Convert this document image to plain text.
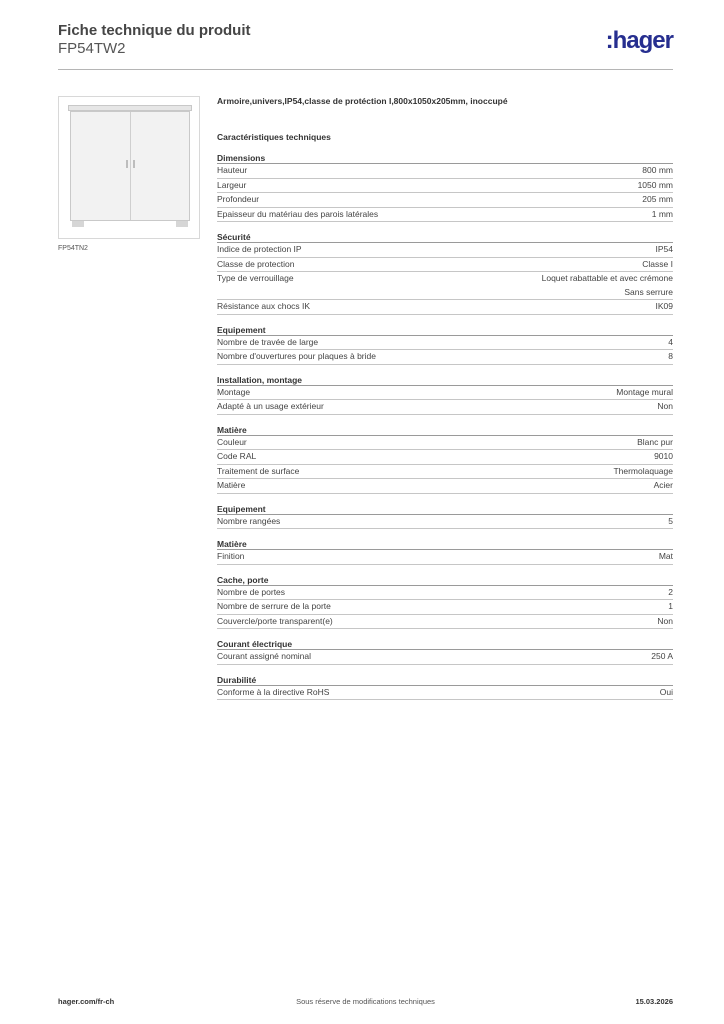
Fiche technique du produit
FP54TW2	:hager
FP54TN2
Armoire,univers,IP54,classe de protéction I,800x1050x205mm, inoccupé
Caractéristiques techniques
Dimensions
Hauteur	800 mm
Largeur	1050 mm
Profondeur	205 mm
Epaisseur du matériau des parois latérales	1 mm
Sécurité
Indice de protection IP	IP54
Classe de protection	Classe I
Type de verrouillage	Loquet rabattable et avec crémone
Sans serrure
Résistance aux chocs IK	IK09
Equipement
Nombre de travée de large	4
Nombre d'ouvertures pour plaques à bride	8
Installation, montage
Montage	Montage mural
Adapté à un usage extérieur	Non
Matière
Couleur	Blanc pur
Code RAL	9010
Traitement de surface	Thermolaquage
Matière	Acier
Equipement
Nombre rangées	5
Matière
Finition	Mat
Cache, porte
Nombre de portes	2
Nombre de serrure de la porte	1
Couvercle/porte transparent(e)	Non
Courant électrique
Courant assigné nominal	250 A
Durabilité
Conforme à la directive RoHS	Oui
hager.com/fr-ch	Sous réserve de modifications techniques	15.03.2026
